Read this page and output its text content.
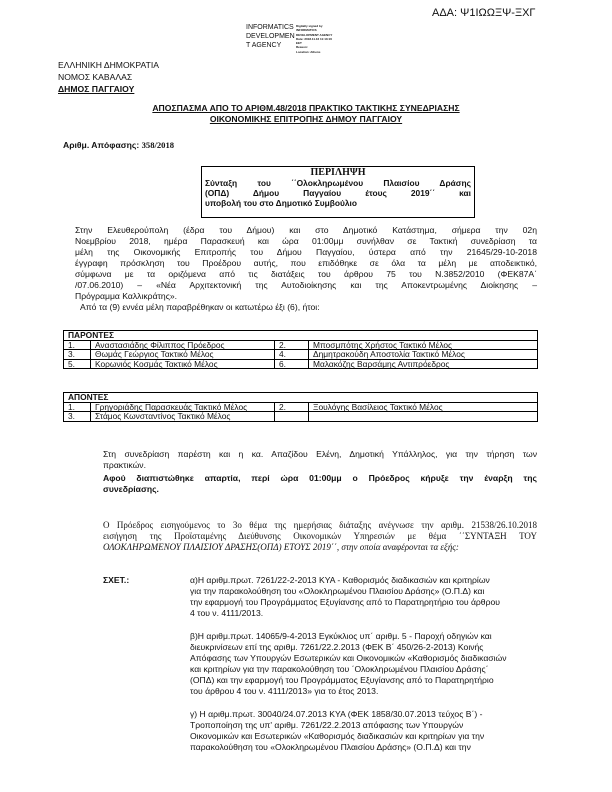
ΑΔΑ: Ψ1ΙΩΩΞΨ-ΞΧΓ
INFORMATICS
DEVELOPMEN
T AGENCY
Digitally signed by
INFORMATICS
DEVELOPMENT AGENCY
Date: 2018.11.16 11:13:16
EET
Reason:
Location: Athens
ΕΛΛΗΝΙΚΗ ΔΗΜΟΚΡΑΤΙΑ
ΝΟΜΟΣ ΚΑΒΑΛΑΣ
ΔΗΜΟΣ ΠΑΓΓΑΙΟΥ
ΑΠΟΣΠΑΣΜΑ ΑΠΟ ΤΟ ΑΡΙΘΜ.48/2018 ΠΡΑΚΤΙΚΟ ΤΑΚΤΙΚΗΣ ΣΥΝΕΔΡΙΑΣΗΣ
ΟΙΚΟΝΟΜΙΚΗΣ ΕΠΙΤΡΟΠΗΣ ΔΗΜΟΥ ΠΑΓΓΑΙΟΥ
Αριθμ. Απόφασης: 358/2018
ΠΕΡΙΛΗΨΗ
Σύνταξη του ΄΄Ολοκληρωμένου Πλαισίου Δράσης
(ΟΠΔ) Δήμου Παγγαίου έτους 2019΄΄ και
υποβολή του στο Δημοτικό Συμβούλιο
Στην Ελευθερούπολη (έδρα του Δήμου) και στο Δημοτικό Κατάστημα, σήμερα την 02η
Νοεμβρίου 2018, ημέρα Παρασκευή και ώρα 01:00μμ συνήλθαν σε Τακτική συνεδρίαση τα
μέλη της Οικονομικής Επιτροπής του Δήμου Παγγαίου, ύστερα από την 21645/29-10-2018
έγγραφη πρόσκληση του Προέδρου αυτής, που επιδόθηκε σε όλα τα μέλη με αποδεικτικό,
σύμφωνα με τα οριζόμενα από τις διατάξεις του άρθρου 75 του Ν.3852/2010 (ΦΕΚ87Α΄
/07.06.2010) – «Νέα Αρχιτεκτονική της Αυτοδιοίκησης και της Αποκεντρωμένης Διοίκησης –
Πρόγραμμα Καλλικράτης».
Από τα (9) εννέα μέλη παραβρέθηκαν οι κατωτέρω έξι (6), ήτοι:
ΠΑΡΟΝΤΕΣ			
1.	Αναστασιάδης Φίλιππος Πρόεδρος	2.	Μποσμπότης Χρήστος Τακτικό Μέλος
3.	Θωμάς Γεώργιος Τακτικό Μέλος	4.	Δημητρακούδη Αποστολία Τακτικό Μέλος
5.	Κορωνιός Κοσμάς Τακτικό Μέλος	6.	Μαλακόζης Βαρσάμης Αντιπρόεδρος
ΑΠΟΝΤΕΣ			
1.	Γρηγοριάδης Παρασκευάς Τακτικό Μέλος	2.	Ξουλόγης Βασίλειος Τακτικό Μέλος
3.	Στάμος Κωνσταντίνος Τακτικό Μέλος		
Στη συνεδρίαση παρέστη και η κα. Απαζίδου Ελένη, Δημοτική Υπάλληλος, για την τήρηση των
πρακτικών.
Αφού διαπιστώθηκε απαρτία, περί ώρα 01:00μμ ο Πρόεδρος κήρυξε την έναρξη της
συνεδρίασης.
Ο Πρόεδρος εισηγούμενος το 3ο θέμα της ημερήσιας διάταξης ανέγνωσε την αριθμ. 21538/26.10.2018
εισήγηση της Προϊσταμένης Διεύθυνσης Οικονομικών Υπηρεσιών με θέμα ΄΄ΣΥΝΤΑΞΗ ΤΟΥ
ΟΛΟΚΛΗΡΩΜΕΝΟΥ ΠΛΑΙΣΙΟΥ ΔΡΑΣΗΣ(ΟΠΔ) ΕΤΟΥΣ 2019΄΄, στην οποία αναφέρονται τα εξής:
ΣΧΕΤ.:	α)Η αριθμ.πρωτ. 7261/22-2-2013 ΚΥΑ - Καθορισμός διαδικασιών και κριτηρίων
για την παρακολούθηση του «Ολοκληρωμένου Πλαισίου Δράσης» (Ο.Π.Δ) και
την εφαρμογή του Προγράμματος Εξυγίανσης από το Παρατηρητήριο του άρθρου
4 του ν. 4111/2013.
β)Η αριθμ.πρωτ. 14065/9-4-2013 Εγκύκλιος υπ΄ αριθμ. 5 - Παροχή οδηγιών και
διευκρινίσεων επί της αριθμ. 7261/22.2.2013 (ΦΕΚ Β΄ 450/26-2-2013) Κοινής
Απόφασης των Υπουργών Εσωτερικών και Οικονομικών «Καθορισμός διαδικασιών
και κριτηρίων για την παρακολούθηση του ΄Ολοκληρωμένου Πλαισίου Δράσης΄
(ΟΠΔ) και την εφαρμογή του Προγράμματος Εξυγίανσης από το Παρατηρητήριο
του άρθρου 4 του ν. 4111/2013» για το έτος 2013.
γ) Η αριθμ.πρωτ. 30040/24.07.2013 ΚΥΑ (ΦΕΚ 1858/30.07.2013 τεύχος Β΄) -
Τροποποίηση της υπ' αριθμ. 7261/22.2.2013 απόφασης των Υπουργών
Οικονομικών και Εσωτερικών «Καθορισμός διαδικασιών και κριτηρίων για την
παρακολούθηση του «Ολοκληρωμένου Πλαισίου Δράσης» (Ο.Π.Δ) και την
